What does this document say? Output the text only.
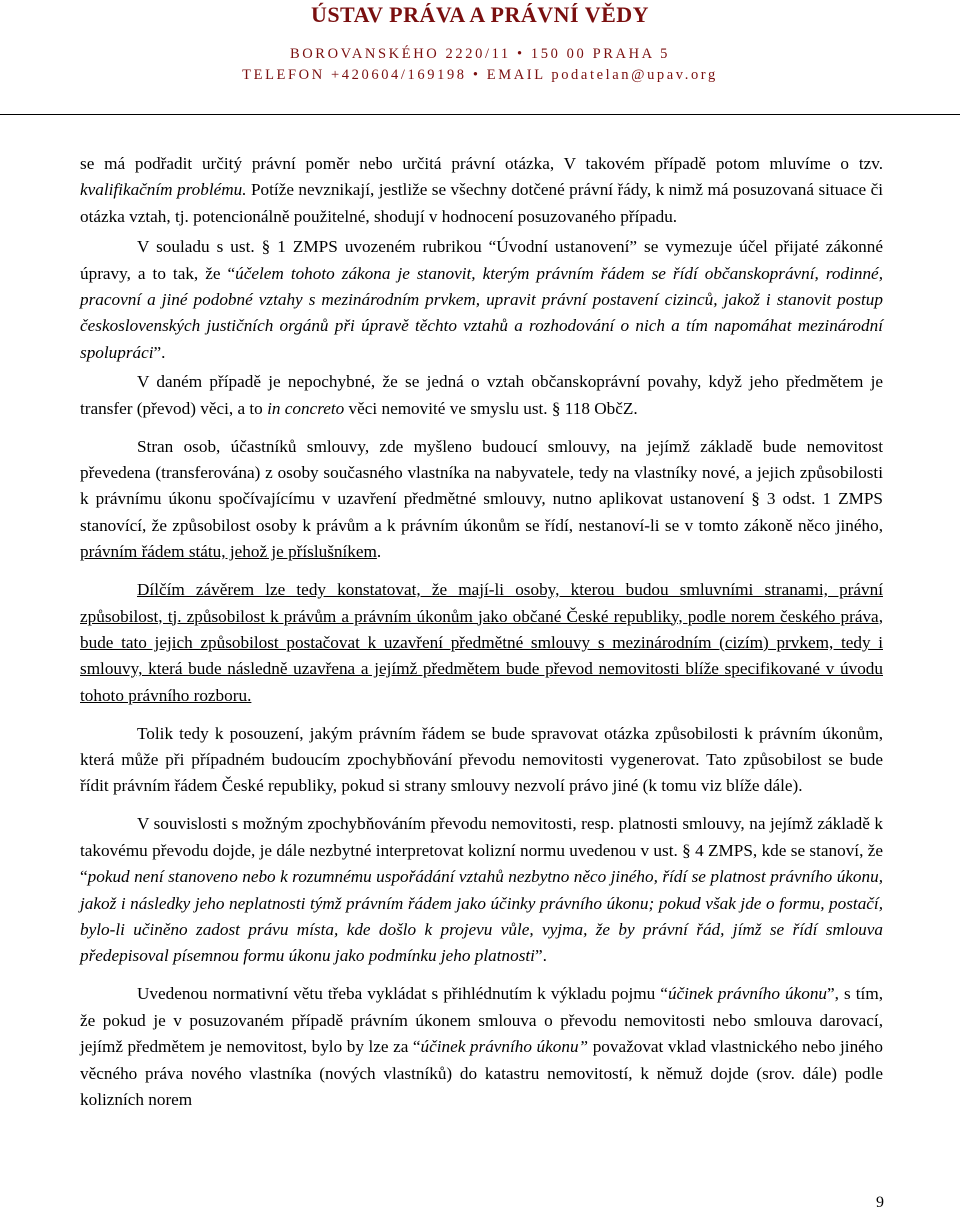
ÚSTAV PRÁVA A PRÁVNÍ VĚDY
BOROVANSKÉHO 2220/11 • 150 00 PRAHA 5
TELEFON +420604/169198 • EMAIL podatelan@upav.org

se má podřadit určitý právní poměr nebo určitá právní otázka, V takovém případě potom mluvíme o tzv. kvalifikačním problému. Potíže nevznikají, jestliže se všechny dotčené právní řády, k nimž má posuzovaná situace či otázka vztah, tj. potencionálně použitelné, shodují v hodnocení posuzovaného případu.

V souladu s ust. § 1 ZMPS uvozeném rubrikou “Úvodní ustanovení” se vymezuje účel přijaté zákonné úpravy, a to tak, že “účelem tohoto zákona je stanovit, kterým právním řádem se řídí občanskoprávní, rodinné, pracovní a jiné podobné vztahy s mezinárodním prvkem, upravit právní postavení cizinců, jakož i stanovit postup československých justičních orgánů při úpravě těchto vztahů a rozhodování o nich a tím napomáhat mezinárodní spolupráci”.

V daném případě je nepochybné, že se jedná o vztah občanskoprávní povahy, když jeho předmětem je transfer (převod) věci, a to in concreto věci nemovité ve smyslu ust. § 118 ObčZ.

Stran osob, účastníků smlouvy, zde myšleno budoucí smlouvy, na jejímž základě bude nemovitost převedena (transferována) z osoby současného vlastníka na nabyvatele, tedy na vlastníky nové, a jejich způsobilosti k právnímu úkonu spočívajícímu v uzavření předmětné smlouvy, nutno aplikovat ustanovení § 3 odst. 1 ZMPS stanovící, že způsobilost osoby k právům a k právním úkonům se řídí, nestanoví-li se v tomto zákoně něco jiného, právním řádem státu, jehož je příslušníkem.

Dílčím závěrem lze tedy konstatovat, že mají-li osoby, kterou budou smluvními stranami, právní způsobilost, tj. způsobilost k právům a právním úkonům jako občané České republiky, podle norem českého práva, bude tato jejich způsobilost postačovat k uzavření předmětné smlouvy s mezinárodním (cizím) prvkem, tedy i smlouvy, která bude následně uzavřena a jejímž předmětem bude převod nemovitosti blíže specifikované v úvodu tohoto právního rozboru.

Tolik tedy k posouzení, jakým právním řádem se bude spravovat otázka způsobilosti k právním úkonům, která může při případném budoucím zpochybňování převodu nemovitosti vygenerovat. Tato způsobilost se bude řídit právním řádem České republiky, pokud si strany smlouvy nezvolí právo jiné (k tomu viz blíže dále).

V souvislosti s možným zpochybňováním převodu nemovitosti, resp. platnosti smlouvy, na jejímž základě k takovému převodu dojde, je dále nezbytné interpretovat kolizní normu uvedenou v ust. § 4 ZMPS, kde se stanoví, že “pokud není stanoveno nebo k rozumnému uspořádání vztahů nezbytno něco jiného, řídí se platnost právního úkonu, jakož i následky jeho neplatnosti týmž právním řádem jako účinky právního úkonu; pokud však jde o formu, postačí, bylo-li učiněno zadost právu místa, kde došlo k projevu vůle, vyjma, že by právní řád, jímž se řídí smlouva předepisoval písemnou formu úkonu jako podmínku jeho platnosti”.

Uvedenou normativní větu třeba vykládat s přihlédnutím k výkladu pojmu “účinek právního úkonu”, s tím, že pokud je v posuzovaném případě právním úkonem smlouva o převodu nemovitosti nebo smlouva darovací, jejímž předmětem je nemovitost, bylo by lze za “účinek právního úkonu” považovat vklad vlastnického nebo jiného věcného práva nového vlastníka (nových vlastníků) do katastru nemovitostí, k němuž dojde (srov. dále) podle kolizních norem

9
